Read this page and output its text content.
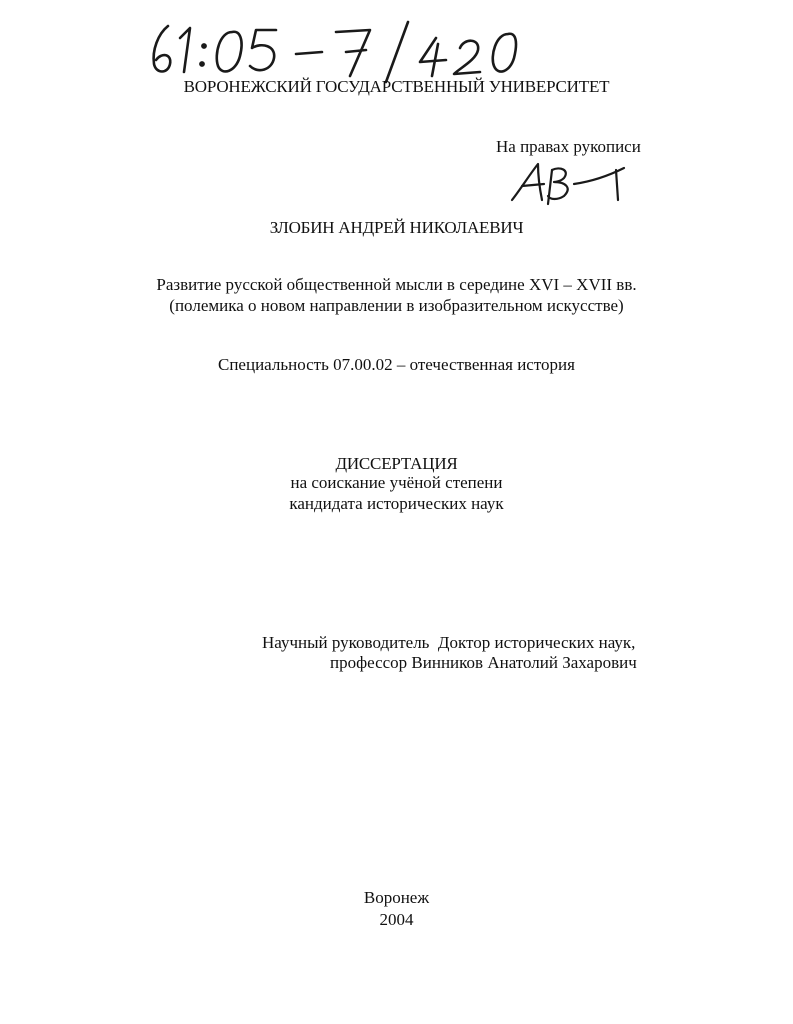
ВОРОНЕЖСКИЙ ГОСУДАРСТВЕННЫЙ УНИВЕРСИТЕТ
На правах рукописи
ЗЛОБИН АНДРЕЙ НИКОЛАЕВИЧ
Развитие русской общественной мысли в середине XVI – XVII вв.
(полемика о новом направлении в изобразительном искусстве)
Специальность 07.00.02 – отечественная история
ДИССЕРТАЦИЯ
на соискание учёной степени
кандидата исторических наук
Научный руководитель  Доктор исторических наук,
профессор Винников Анатолий Захарович
Воронеж
2004
